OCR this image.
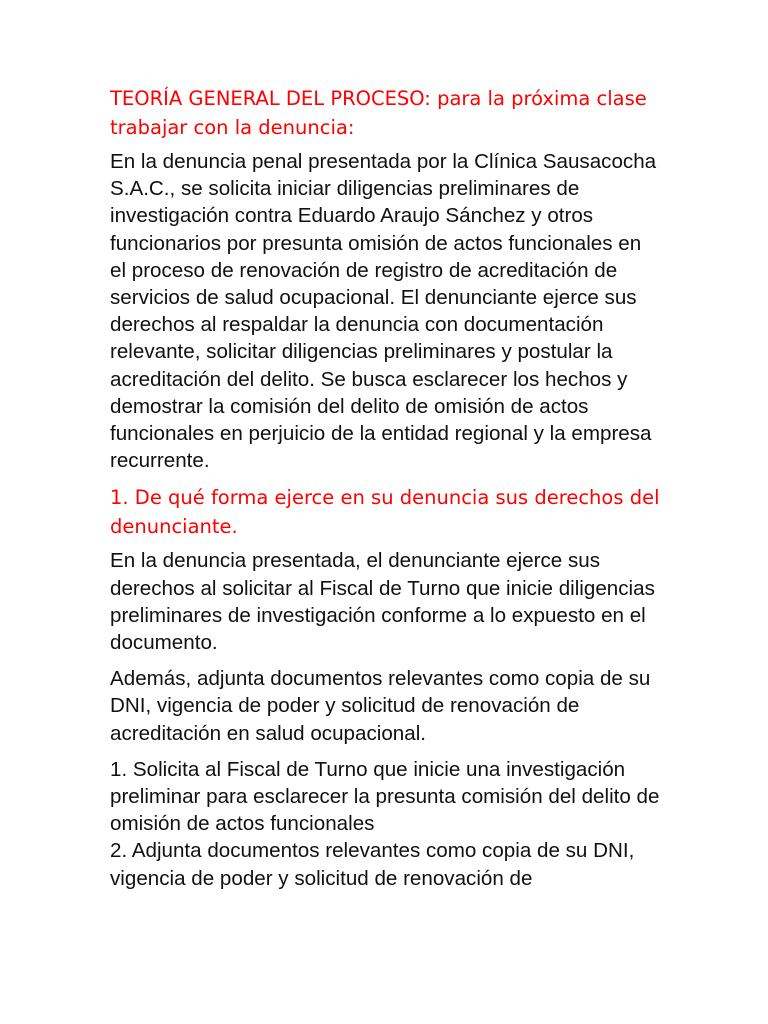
TEORÍA GENERAL DEL PROCESO: para la próxima clase trabajar con la denuncia:

En la denuncia penal presentada por la Clínica Sausacocha S.A.C., se solicita iniciar diligencias preliminares de investigación contra Eduardo Araujo Sánchez y otros funcionarios por presunta omisión de actos funcionales en el proceso de renovación de registro de acreditación de servicios de salud ocupacional. El denunciante ejerce sus derechos al respaldar la denuncia con documentación relevante, solicitar diligencias preliminares y postular la acreditación del delito. Se busca esclarecer los hechos y demostrar la comisión del delito de omisión de actos funcionales en perjuicio de la entidad regional y la empresa recurrente.

1. De qué forma ejerce en su denuncia sus derechos del denunciante.

En la denuncia presentada, el denunciante ejerce sus derechos al solicitar al Fiscal de Turno que inicie diligencias preliminares de investigación conforme a lo expuesto en el documento.

Además, adjunta documentos relevantes como copia de su DNI, vigencia de poder y solicitud de renovación de acreditación en salud ocupacional.

1. Solicita al Fiscal de Turno que inicie una investigación preliminar para esclarecer la presunta comisión del delito de omisión de actos funcionales
2. Adjunta documentos relevantes como copia de su DNI, vigencia de poder y solicitud de renovación de
